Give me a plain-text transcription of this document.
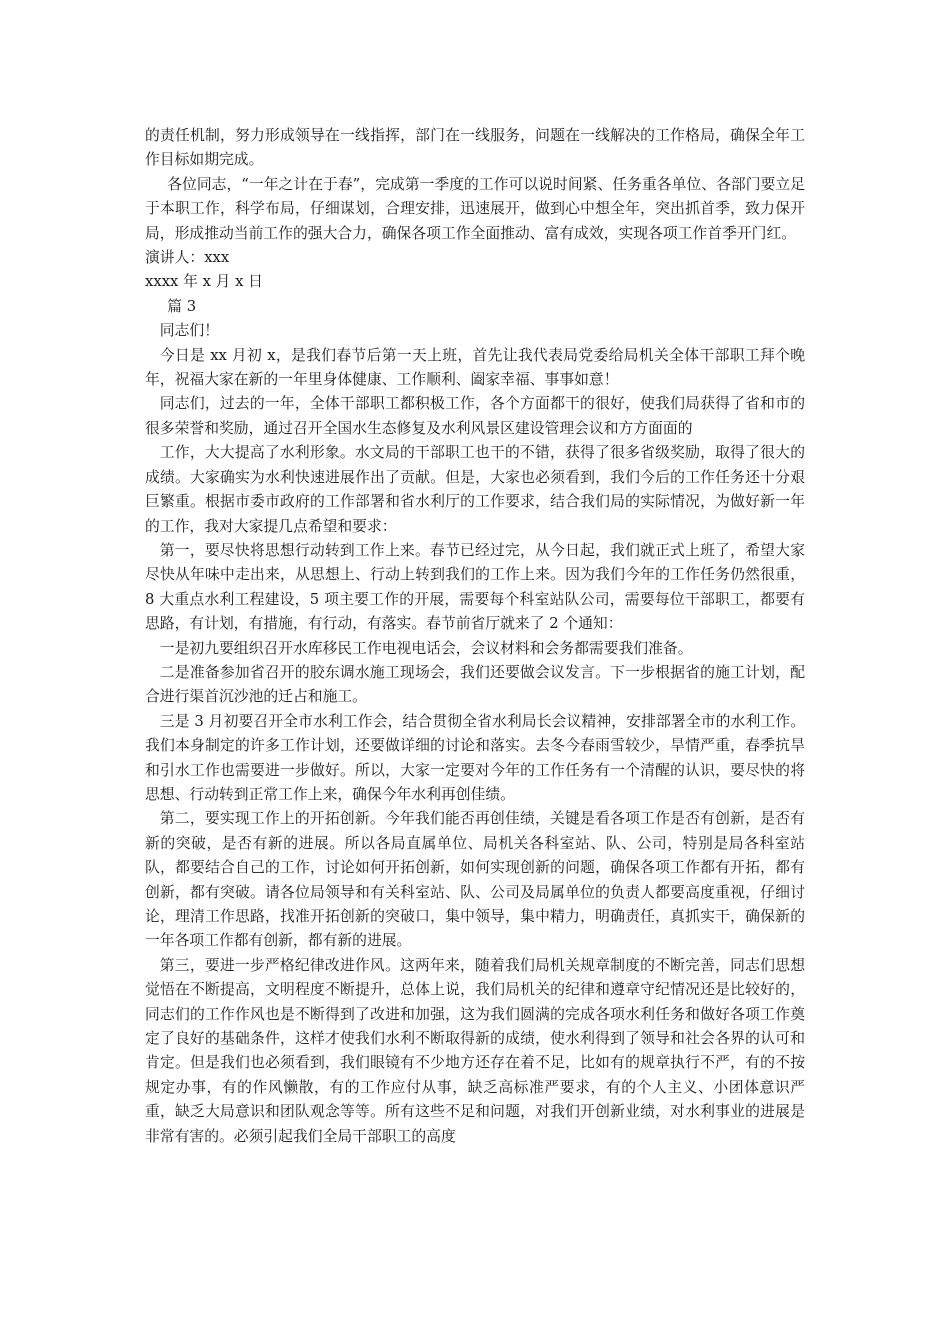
的责任机制，努力形成领导在一线指挥，部门在一线服务，问题在一线解决的工作格局，确保全年工作目标如期完成。

各位同志，“一年之计在于春”，完成第一季度的工作可以说时间紧、任务重各单位、各部门要立足于本职工作，科学布局，仔细谋划，合理安排，迅速展开，做到心中想全年，突出抓首季，致力保开局，形成推动当前工作的强大合力，确保各项工作全面推动、富有成效，实现各项工作首季开门红。

演讲人：xxx

xxxx 年 x 月 x 日

篇 3

同志们！

今日是 xx 月初 x，是我们春节后第一天上班，首先让我代表局党委给局机关全体干部职工拜个晚年，祝福大家在新的一年里身体健康、工作顺利、阖家幸福、事事如意！

同志们，过去的一年，全体干部职工都积极工作，各个方面都干的很好，使我们局获得了省和市的很多荣誉和奖励，通过召开全国水生态修复及水利风景区建设管理会议和方方面面的

工作，大大提高了水利形象。水文局的干部职工也干的不错，获得了很多省级奖励，取得了很大的成绩。大家确实为水利快速进展作出了贡献。但是，大家也必须看到，我们今后的工作任务还十分艰巨繁重。根据市委市政府的工作部署和省水利厅的工作要求，结合我们局的实际情况，为做好新一年的工作，我对大家提几点希望和要求：

第一，要尽快将思想行动转到工作上来。春节已经过完，从今日起，我们就正式上班了，希望大家尽快从年味中走出来，从思想上、行动上转到我们的工作上来。因为我们今年的工作任务仍然很重，8 大重点水利工程建设，5 项主要工作的开展，需要每个科室站队公司，需要每位干部职工，都要有思路，有计划，有措施，有行动，有落实。春节前省厅就来了 2 个通知：

一是初九要组织召开水库移民工作电视电话会，会议材料和会务都需要我们准备。

二是准备参加省召开的胶东调水施工现场会，我们还要做会议发言。下一步根据省的施工计划，配合进行渠首沉沙池的迁占和施工。

三是 3 月初要召开全市水利工作会，结合贯彻全省水利局长会议精神，安排部署全市的水利工作。我们本身制定的许多工作计划，还要做详细的讨论和落实。去冬今春雨雪较少，旱情严重，春季抗旱和引水工作也需要进一步做好。所以，大家一定要对今年的工作任务有一个清醒的认识，要尽快的将思想、行动转到正常工作上来，确保今年水利再创佳绩。

第二，要实现工作上的开拓创新。今年我们能否再创佳绩，关键是看各项工作是否有创新，是否有新的突破，是否有新的进展。所以各局直属单位、局机关各科室站、队、公司，特别是局各科室站队，都要结合自己的工作，讨论如何开拓创新，如何实现创新的问题，确保各项工作都有开拓，都有创新，都有突破。请各位局领导和有关科室站、队、公司及局属单位的负责人都要高度重视，仔细讨论，理清工作思路，找准开拓创新的突破口，集中领导，集中精力，明确责任，真抓实干，确保新的一年各项工作都有创新，都有新的进展。

第三，要进一步严格纪律改进作风。这两年来，随着我们局机关规章制度的不断完善，同志们思想觉悟在不断提高，文明程度不断提升，总体上说，我们局机关的纪律和遵章守纪情况还是比较好的，同志们的工作作风也是不断得到了改进和加强，这为我们圆满的完成各项水利任务和做好各项工作奠定了良好的基础条件，这样才使我们水利不断取得新的成绩，使水利得到了领导和社会各界的认可和肯定。但是我们也必须看到，我们眼镜有不少地方还存在着不足，比如有的规章执行不严，有的不按规定办事，有的作风懒散，有的工作应付从事，缺乏高标准严要求，有的个人主义、小团体意识严重，缺乏大局意识和团队观念等等。所有这些不足和问题，对我们开创新业绩，对水利事业的进展是非常有害的。必须引起我们全局干部职工的高度
